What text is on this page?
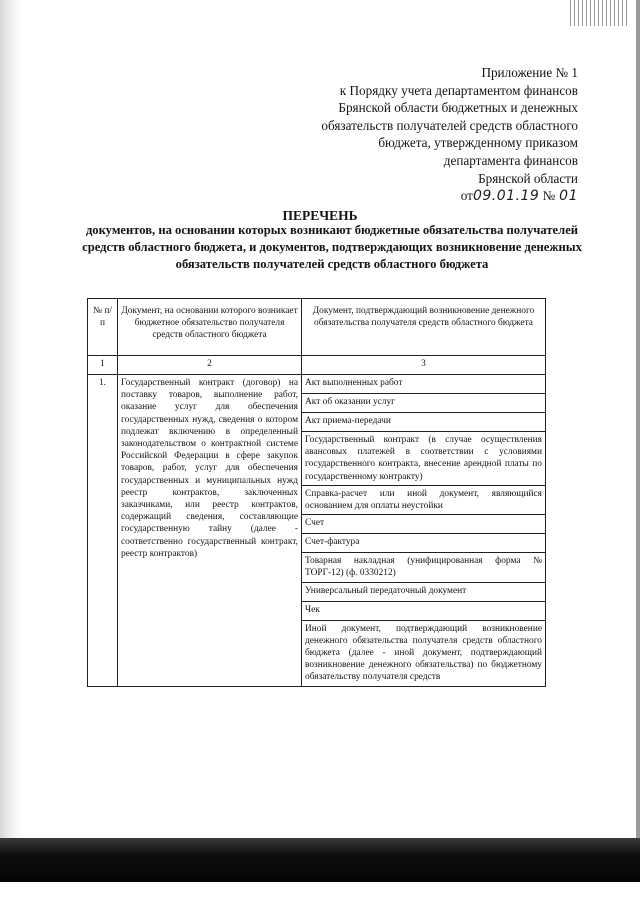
Приложение № 1
к Порядку учета департаментом финансов
Брянской области бюджетных и денежных
обязательств получателей средств областного
бюджета, утвержденному приказом
департамента финансов
Брянской области
от09.01.19 № 01
ПЕРЕЧЕНЬ
документов, на основании которых возникают бюджетные обязательства получателей средств областного бюджета, и документов, подтверждающих возникновение денежных обязательств получателей средств областного бюджета
№ п/п	Документ, на основании которого возникает бюджетное обязательство получателя средств областного бюджета	Документ, подтверждающий возникновение денежного обязательства получателя средств областного бюджета
1	2	3
1.	Государственный контракт (договор) на поставку товаров, выполнение работ, оказание услуг для обеспечения государственных нужд, сведения о котором подлежат включению в определенный законодательством о контрактной системе Российской Федерации в сфере закупок товаров, работ, услуг для обеспечения государственных и муниципальных нужд реестр контрактов, заключенных заказчиками, или реестр контрактов, содержащий сведения, составляющие государственную тайну (далее - соответственно государственный контракт, реестр контрактов)	Акт выполненных работ
		Акт об оказании услуг
		Акт приема-передачи
		Государственный контракт (в случае осуществления авансовых платежей в соответствии с условиями государственного контракта, внесение арендной платы по государственному контракту)
		Справка-расчет или иной документ, являющийся основанием для оплаты неустойки
		Счет
		Счет-фактура
		Товарная накладная (унифицированная форма № ТОРГ-12) (ф. 0330212)
		Универсальный передаточный документ
		Чек
		Иной документ, подтверждающий возникновение денежного обязательства получателя средств областного бюджета (далее - иной документ, подтверждающий возникновение денежного обязательства) по бюджетному обязательству получателя средств
